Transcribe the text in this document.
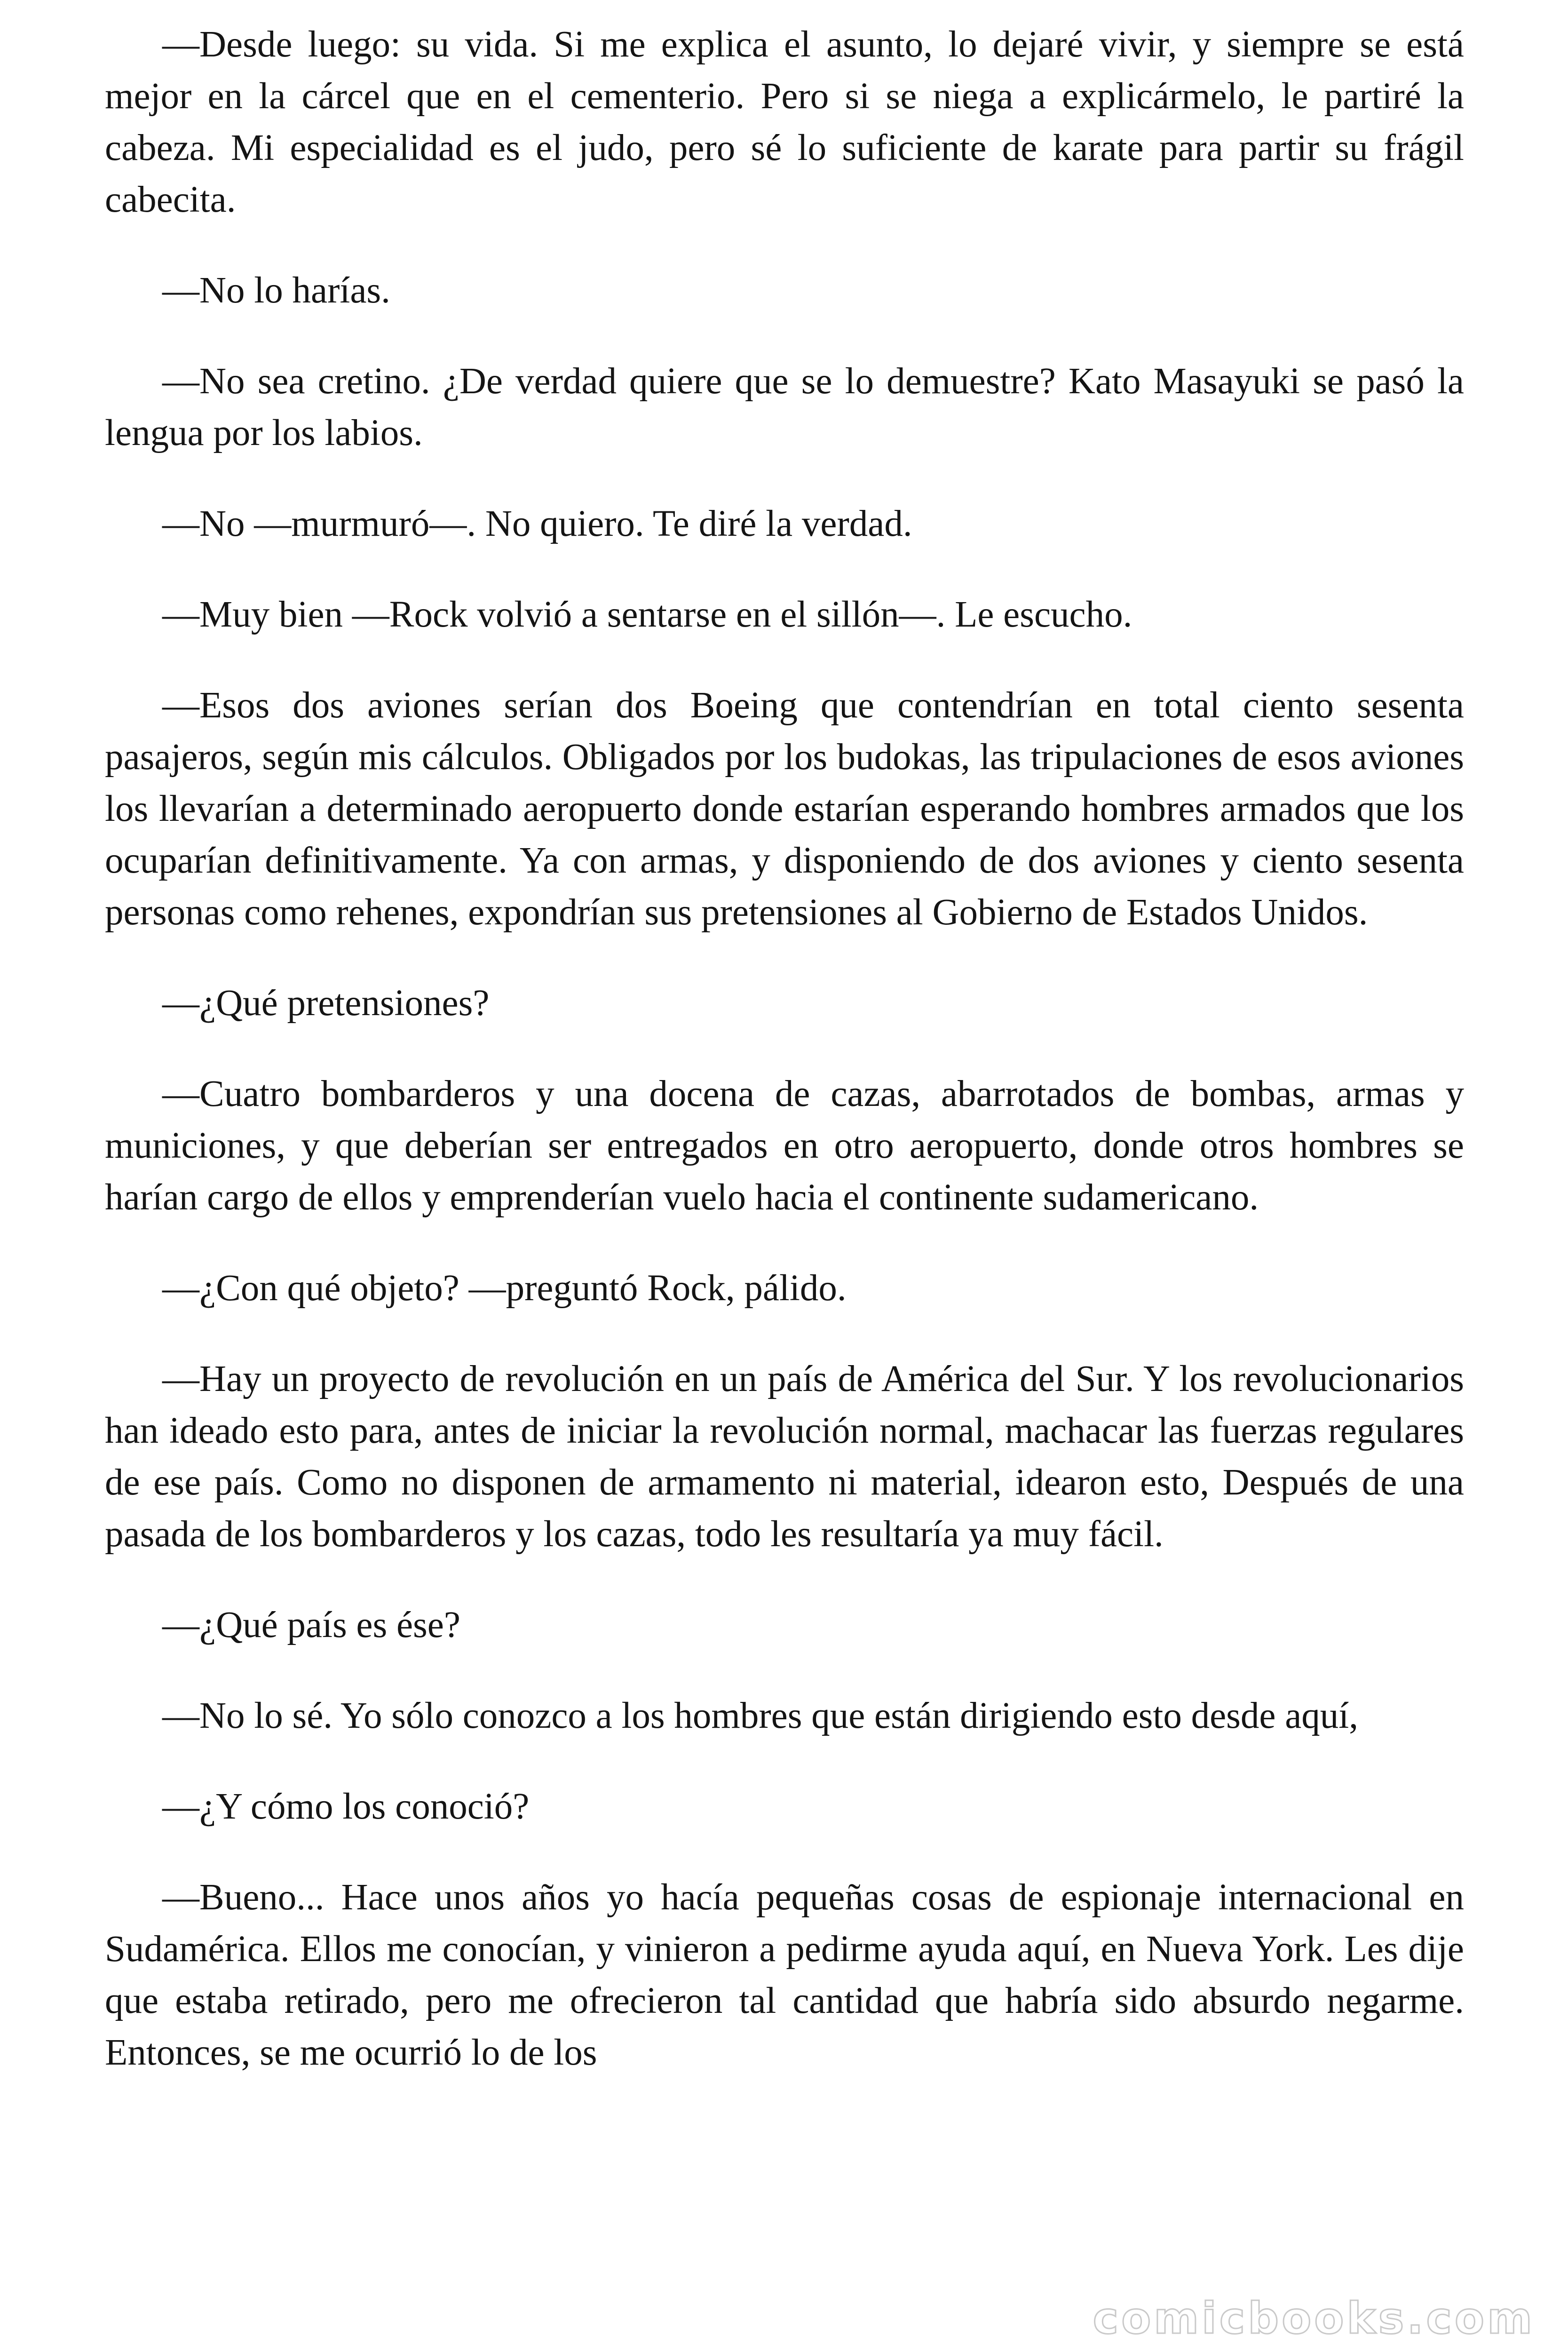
—Desde luego: su vida. Si me explica el asunto, lo dejaré vivir, y siempre se está mejor en la cárcel que en el cementerio. Pero si se niega a explicármelo, le partiré la cabeza. Mi especialidad es el judo, pero sé lo suficiente de karate para partir su frágil cabecita.

—No lo harías.

—No sea cretino. ¿De verdad quiere que se lo demuestre? Kato Masayuki se pasó la lengua por los labios.

—No —murmuró—. No quiero. Te diré la verdad.

—Muy bien —Rock volvió a sentarse en el sillón—. Le escucho.

—Esos dos aviones serían dos Boeing que contendrían en total ciento sesenta pasajeros, según mis cálculos. Obligados por los budokas, las tripulaciones de esos aviones los llevarían a determinado aeropuerto donde estarían esperando hombres armados que los ocuparían definitivamente. Ya con armas, y disponiendo de dos aviones y ciento sesenta personas como rehenes, expondrían sus pretensiones al Gobierno de Estados Unidos.

—¿Qué pretensiones?

—Cuatro bombarderos y una docena de cazas, abarrotados de bombas, armas y municiones, y que deberían ser entregados en otro aeropuerto, donde otros hombres se harían cargo de ellos y emprenderían vuelo hacia el continente sudamericano.

—¿Con qué objeto? —preguntó Rock, pálido.

—Hay un proyecto de revolución en un país de América del Sur. Y los revolucionarios han ideado esto para, antes de iniciar la revolución normal, machacar las fuerzas regulares de ese país. Como no disponen de armamento ni material, idearon esto, Después de una pasada de los bombarderos y los cazas, todo les resultaría ya muy fácil.

—¿Qué país es ése?

—No lo sé. Yo sólo conozco a los hombres que están dirigiendo esto desde aquí,

—¿Y cómo los conoció?

—Bueno... Hace unos años yo hacía pequeñas cosas de espionaje internacional en Sudamérica. Ellos me conocían, y vinieron a pedirme ayuda aquí, en Nueva York. Les dije que estaba retirado, pero me ofrecieron tal cantidad que habría sido absurdo negarme. Entonces, se me ocurrió lo de los

comicbooks.com
